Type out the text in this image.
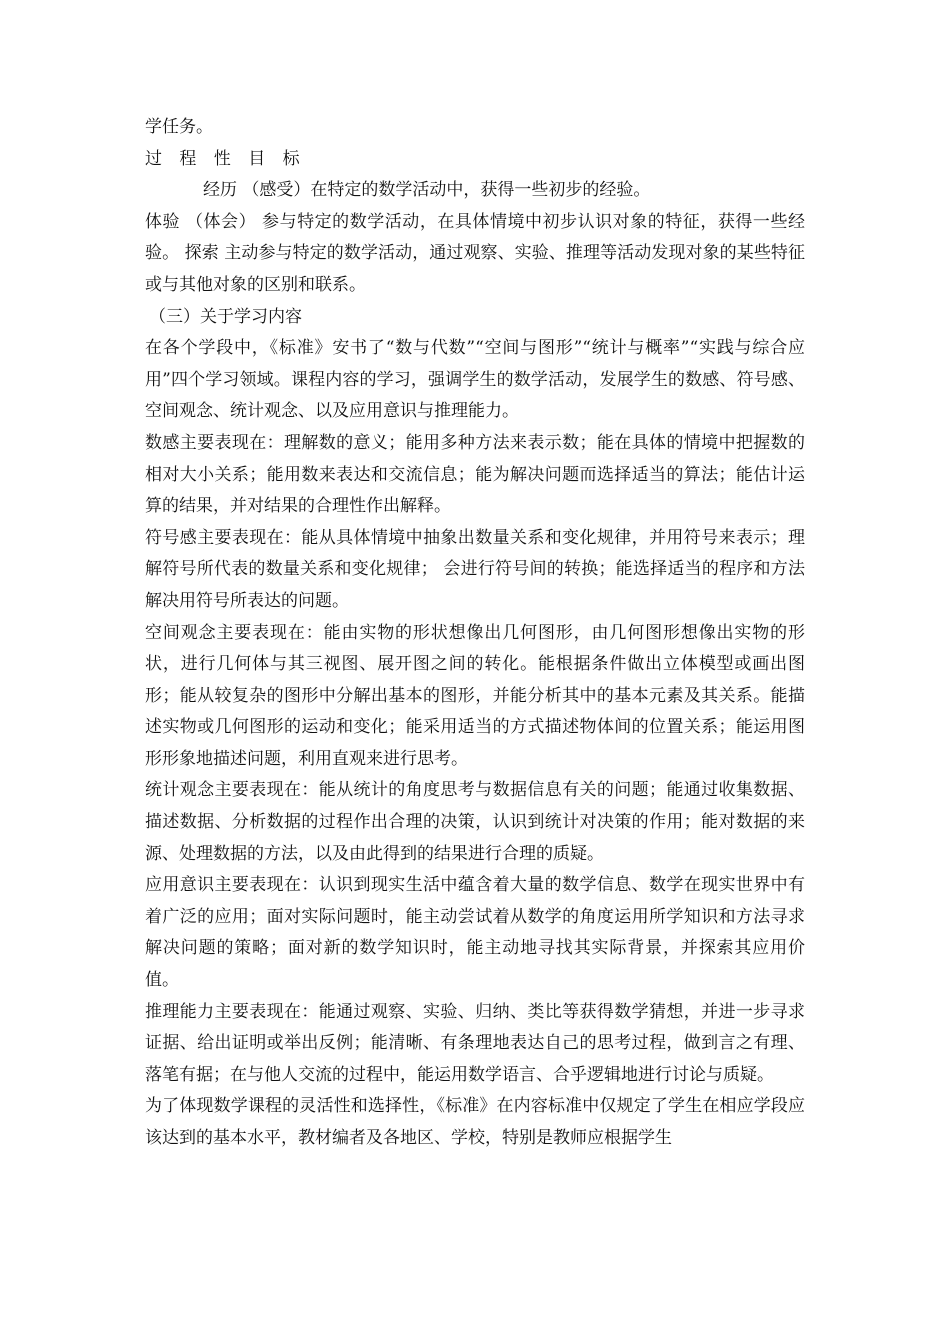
学任务。

过 程 性 目 标

经历 （感受）在特定的数学活动中，获得一些初步的经验。

体验 （体会） 参与特定的数学活动，在具体情境中初步认识对象的特征，获得一些经验。 探索 主动参与特定的数学活动，通过观察、实验、推理等活动发现对象的某些特征或与其他对象的区别和联系。

（三）关于学习内容

在各个学段中，《标准》安书了“数与代数”“空间与图形”“统计与概率”“实践与综合应用”四个学习领域。课程内容的学习，强调学生的数学活动，发展学生的数感、符号感、空间观念、统计观念、以及应用意识与推理能力。

数感主要表现在：理解数的意义；能用多种方法来表示数；能在具体的情境中把握数的相对大小关系；能用数来表达和交流信息；能为解决问题而选择适当的算法；能估计运算的结果，并对结果的合理性作出解释。

符号感主要表现在：能从具体情境中抽象出数量关系和变化规律，并用符号来表示；理解符号所代表的数量关系和变化规律； 会进行符号间的转换；能选择适当的程序和方法解决用符号所表达的问题。

空间观念主要表现在：能由实物的形状想像出几何图形，由几何图形想像出实物的形状，进行几何体与其三视图、展开图之间的转化。能根据条件做出立体模型或画出图形；能从较复杂的图形中分解出基本的图形，并能分析其中的基本元素及其关系。能描述实物或几何图形的运动和变化；能采用适当的方式描述物体间的位置关系；能运用图形形象地描述问题，利用直观来进行思考。

统计观念主要表现在：能从统计的角度思考与数据信息有关的问题；能通过收集数据、描述数据、分析数据的过程作出合理的决策，认识到统计对决策的作用；能对数据的来源、处理数据的方法，以及由此得到的结果进行合理的质疑。

应用意识主要表现在：认识到现实生活中蕴含着大量的数学信息、数学在现实世界中有着广泛的应用；面对实际问题时，能主动尝试着从数学的角度运用所学知识和方法寻求解决问题的策略；面对新的数学知识时，能主动地寻找其实际背景，并探索其应用价值。

推理能力主要表现在：能通过观察、实验、归纳、类比等获得数学猜想，并进一步寻求证据、给出证明或举出反例；能清晰、有条理地表达自己的思考过程，做到言之有理、落笔有据；在与他人交流的过程中，能运用数学语言、合乎逻辑地进行讨论与质疑。

为了体现数学课程的灵活性和选择性，《标准》在内容标准中仅规定了学生在相应学段应该达到的基本水平，教材编者及各地区、学校，特别是教师应根据学生
